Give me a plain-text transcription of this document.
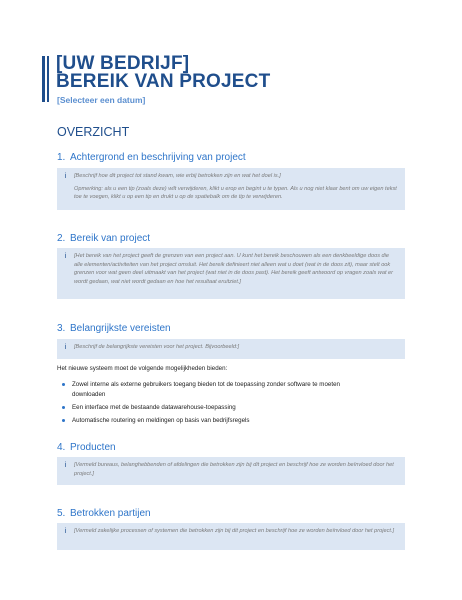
[UW BEDRIJF]
BEREIK VAN PROJECT
[Selecteer een datum]
OVERZICHT
1. Achtergrond en beschrijving van project
i [Beschrijf hoe dit project tot stand kwam, wie erbij betrokken zijn en wat het doel is.]

Opmerking: als u een tip (zoals deze) wilt verwijderen, klikt u erop en begint u te typen. Als u nog niet klaar bent om uw eigen tekst toe te voegen, klikt u op een tip en drukt u op de spatiebalk om de tip te verwijderen.

2. Bereik van project
i [Het bereik van het project geeft de grenzen van een project aan. U kunt het bereik beschouwen als een denkbeeldige doos die alle elementen/activiteiten van het project omsluit. Het bereik definieert niet alleen wat u doet (wat in de doos zit), maar stelt ook grenzen voor wat geen deel uitmaakt van het project (wat niet in de doos past). Het bereik geeft antwoord op vragen zoals wat er wordt gedaan, wat niet wordt gedaan en hoe het resultaat eruitziet.]

3. Belangrijkste vereisten
i [Beschrijf de belangrijkste vereisten voor het project. Bijvoorbeeld:]

Het nieuwe systeem moet de volgende mogelijkheden bieden:
Zowel interne als externe gebruikers toegang bieden tot de toepassing zonder software te moeten downloaden
Een interface met de bestaande datawarehouse-toepassing
Automatische routering en meldingen op basis van bedrijfsregels
4. Producten
i [Vermeld bureaus, belanghebbenden of afdelingen die betrokken zijn bij dit project en beschrijf hoe ze worden beïnvloed door het project.]

5. Betrokken partijen
i [Vermeld zakelijke processen of systemen die betrokken zijn bij dit project en beschrijf hoe ze worden beïnvloed door het project.]
